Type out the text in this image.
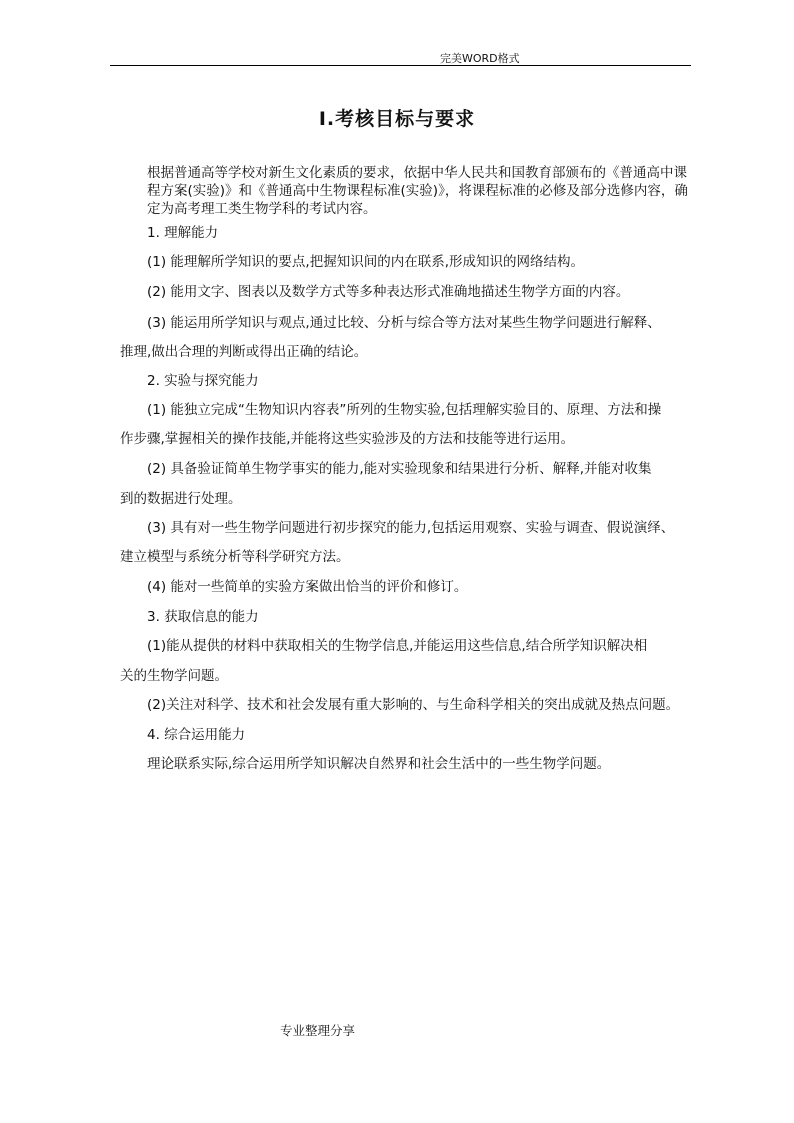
完美WORD格式
Ⅰ.考核目标与要求
根据普通高等学校对新生文化素质的要求，依据中华人民共和国教育部颁布的《普通高中课程方案(实验)》和《普通高中生物课程标准(实验)》，将课程标准的必修及部分选修内容，确定为高考理工类生物学科的考试内容。
1. 理解能力
(1) 能理解所学知识的要点,把握知识间的内在联系,形成知识的网络结构。
(2) 能用文字、图表以及数学方式等多种表达形式准确地描述生物学方面的内容。
(3) 能运用所学知识与观点,通过比较、分析与综合等方法对某些生物学问题进行解释、
推理,做出合理的判断或得出正确的结论。
2. 实验与探究能力
(1) 能独立完成“生物知识内容表”所列的生物实验,包括理解实验目的、原理、方法和操
作步骤,掌握相关的操作技能,并能将这些实验涉及的方法和技能等进行运用。
(2) 具备验证简单生物学事实的能力,能对实验现象和结果进行分析、解释,并能对收集
到的数据进行处理。
(3) 具有对一些生物学问题进行初步探究的能力,包括运用观察、实验与调查、假说演绎、
建立模型与系统分析等科学研究方法。
(4) 能对一些简单的实验方案做出恰当的评价和修订。
3. 获取信息的能力
(1)能从提供的材料中获取相关的生物学信息,并能运用这些信息,结合所学知识解决相
关的生物学问题。
(2)关注对科学、技术和社会发展有重大影响的、与生命科学相关的突出成就及热点问题。
4. 综合运用能力
理论联系实际,综合运用所学知识解决自然界和社会生活中的一些生物学问题。
专业整理分享
